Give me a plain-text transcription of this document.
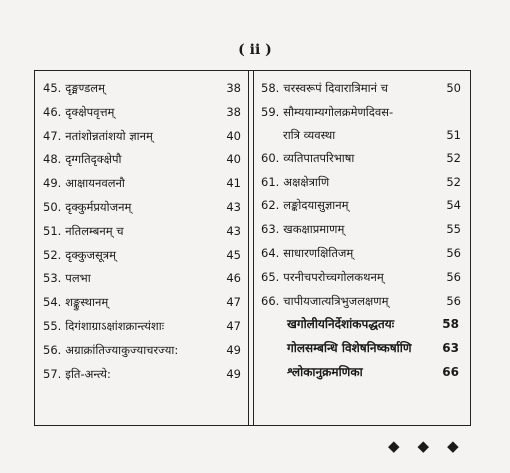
( ii )
45. दृङ्मण्डलम्	38
46. दृक्क्षेपवृत्तम्	38
47. नतांशोन्नतांशयो ज्ञानम्	40
48. दृग्गतिदृक्क्षेपौ	40
49. आक्षायनवलनौ	41
50. दृक्कुर्मप्रयोजनम्	43
51. नतिलम्बनम् च	43
52. दृक्कुजसूत्रम्	45
53. पलभा	46
54. शङ्कुस्थानम्	47
55. दिगंशाग्राऽक्षांशक्रान्त्यंशाः	47
56. अग्राक्रांतिज्याकुज्याचरज्या:	49
57. इति-अन्त्ये:	49
58. चरस्वरूपं दिवारात्रिमानं च	50
59. सौम्ययाम्यगोलक्रमेणदिवस-
रात्रि व्यवस्था	51
60. व्यतिपातपरिभाषा	52
61. अक्षक्षेत्राणि	52
62. लङ्कोदयासुज्ञानम्	54
63. खकक्षाप्रमाणम्	55
64. साधारणक्षितिजम्	56
65. परनीचपरोच्चगोलकथनम्	56
66. चापीयजात्यत्रिभुजलक्षणम्	56
खगोलीयनिर्देशांकपद्धतयः	58
गोलसम्बन्धि विशेषनिष्कर्षाणि	63
श्लोकानुक्रमणिका	66
◆◆◆
